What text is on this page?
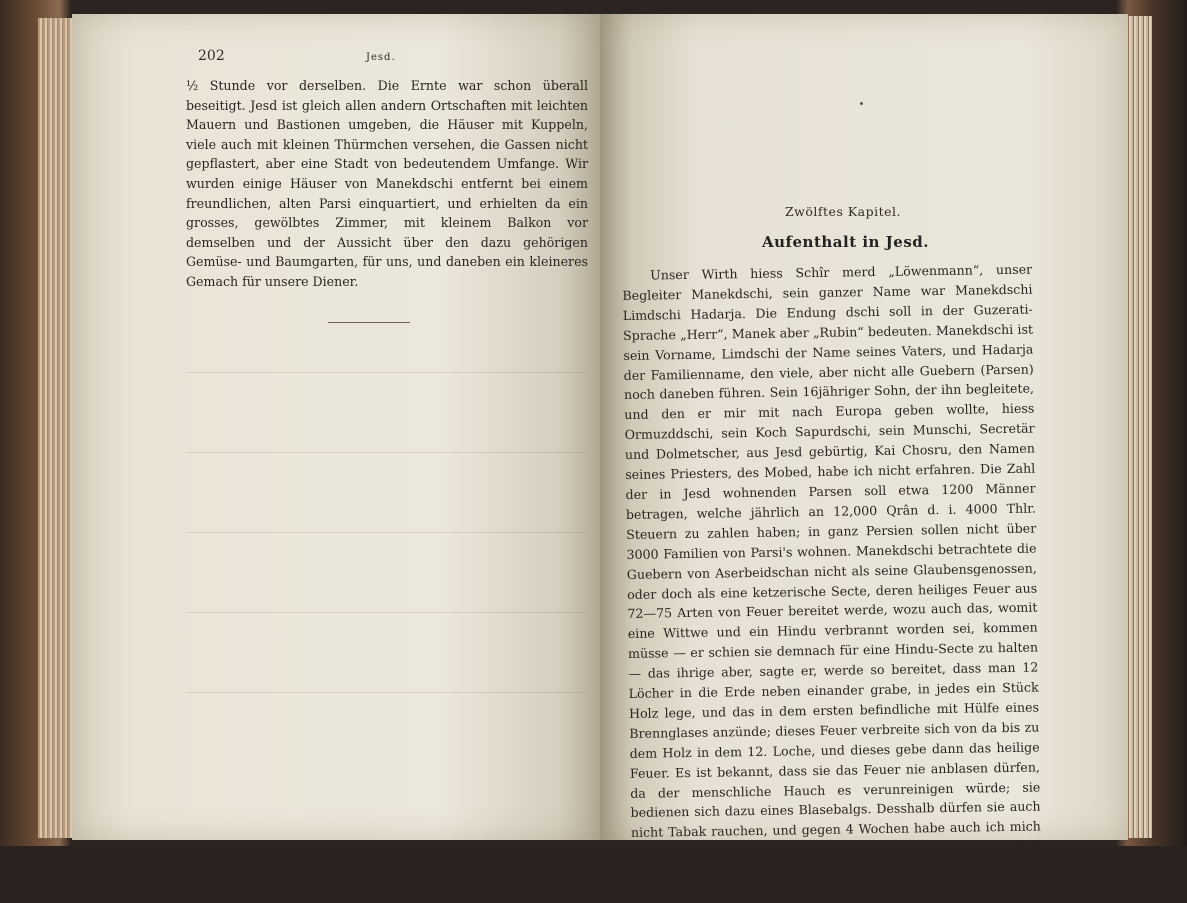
202	Jesd.

½ Stunde vor derselben. Die Ernte war schon überall beseitigt. Jesd ist gleich allen andern Ortschaften mit leichten Mauern und Bastionen umgeben, die Häuser mit Kuppeln, viele auch mit kleinen Thürmchen versehen, die Gassen nicht gepflastert, aber eine Stadt von bedeutendem Umfange. Wir wurden einige Häuser von Manekdschi entfernt bei einem freundlichen, alten Parsi einquartiert, und erhielten da ein grosses, gewölbtes Zimmer, mit kleinem Balkon vor demselben und der Aussicht über den dazu gehörigen Gemüse- und Baumgarten, für uns, und daneben ein kleineres Gemach für unsere Diener.

Zwölftes Kapitel.
Aufenthalt in Jesd.

Unser Wirth hiess Schîr merd „Löwenmann“, unser Begleiter Manekdschi, sein ganzer Name war Manekdschi Limdschi Hadarja. Die Endung dschi soll in der Guzerati-Sprache „Herr“, Manek aber „Rubin“ bedeuten. Manekdschi ist sein Vorname, Limdschi der Name seines Vaters, und Hadarja der Familienname, den viele, aber nicht alle Guebern (Parsen) noch daneben führen. Sein 16jähriger Sohn, der ihn begleitete, und den er mir mit nach Europa geben wollte, hiess Ormuzddschi, sein Koch Sapurdschi, sein Munschi, Secretär und Dolmetscher, aus Jesd gebürtig, Kai Chosru, den Namen seines Priesters, des Mobed, habe ich nicht erfahren. Die Zahl der in Jesd wohnenden Parsen soll etwa 1200 Männer betragen, welche jährlich an 12,000 Qrân d. i. 4000 Thlr. Steuern zu zahlen haben; in ganz Persien sollen nicht über 3000 Familien von Parsi's wohnen. Manekdschi betrachtete die Guebern von Aserbeidschan nicht als seine Glaubensgenossen, oder doch als eine ketzerische Secte, deren heiliges Feuer aus 72—75 Arten von Feuer bereitet werde, wozu auch das, womit eine Wittwe und ein Hindu verbrannt worden sei, kommen müsse — er schien sie demnach für eine Hindu-Secte zu halten — das ihrige aber, sagte er, werde so bereitet, dass man 12 Löcher in die Erde neben einander grabe, in jedes ein Stück Holz lege, und das in dem ersten befindliche mit Hülfe eines Brennglases anzünde; dieses Feuer verbreite sich von da bis zu dem Holz in dem 12. Loche, und dieses gebe dann das heilige Feuer. Es ist bekannt, dass sie das Feuer nie anblasen dürfen, da der menschliche Hauch es verunreinigen würde; sie bedienen sich dazu eines Blasebalgs. Desshalb dürfen sie auch nicht Tabak rauchen, und gegen 4 Wochen habe auch ich mich dessen enthalten, um sie nicht zu betrüben. Nur in Jesd, Taft und einigen umliegenden Ortschaften, so wie in Kermân und in Teherân, an letztem Orte jedoch und in Ispahân nur
